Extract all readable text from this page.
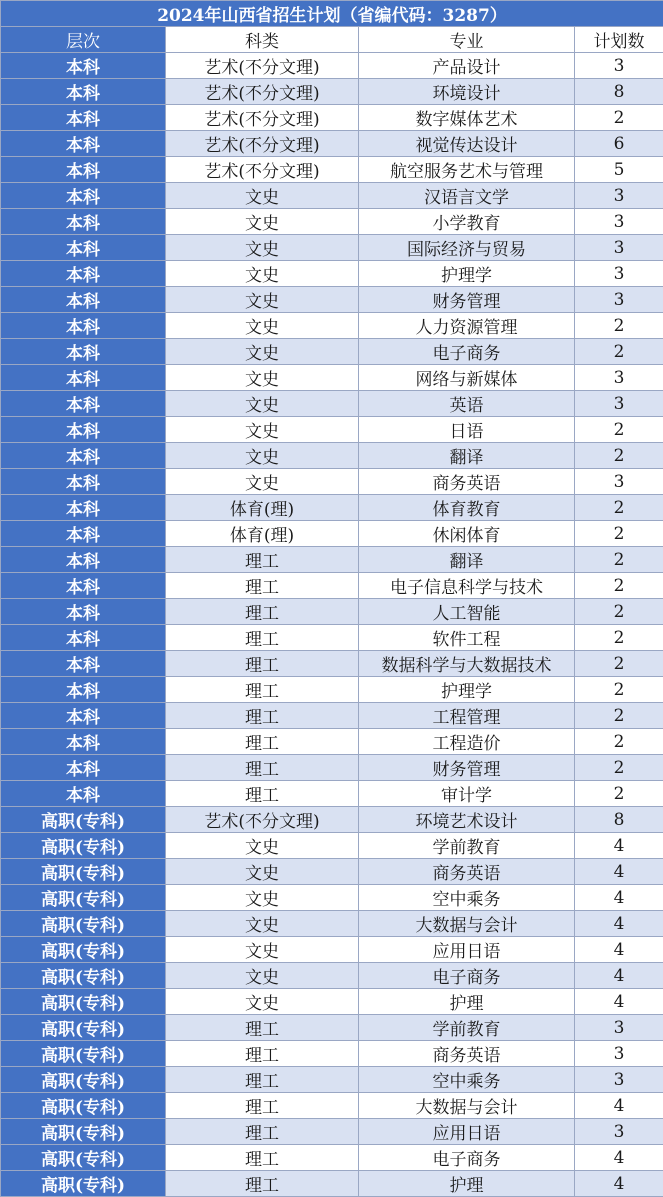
2024年山西省招生计划（省编代码：3287）			
层次	科类	专业	计划数
本科	艺术(不分文理)	产品设计	3
本科	艺术(不分文理)	环境设计	8
本科	艺术(不分文理)	数字媒体艺术	2
本科	艺术(不分文理)	视觉传达设计	6
本科	艺术(不分文理)	航空服务艺术与管理	5
本科	文史	汉语言文学	3
本科	文史	小学教育	3
本科	文史	国际经济与贸易	3
本科	文史	护理学	3
本科	文史	财务管理	3
本科	文史	人力资源管理	2
本科	文史	电子商务	2
本科	文史	网络与新媒体	3
本科	文史	英语	3
本科	文史	日语	2
本科	文史	翻译	2
本科	文史	商务英语	3
本科	体育(理)	体育教育	2
本科	体育(理)	休闲体育	2
本科	理工	翻译	2
本科	理工	电子信息科学与技术	2
本科	理工	人工智能	2
本科	理工	软件工程	2
本科	理工	数据科学与大数据技术	2
本科	理工	护理学	2
本科	理工	工程管理	2
本科	理工	工程造价	2
本科	理工	财务管理	2
本科	理工	审计学	2
高职(专科)	艺术(不分文理)	环境艺术设计	8
高职(专科)	文史	学前教育	4
高职(专科)	文史	商务英语	4
高职(专科)	文史	空中乘务	4
高职(专科)	文史	大数据与会计	4
高职(专科)	文史	应用日语	4
高职(专科)	文史	电子商务	4
高职(专科)	文史	护理	4
高职(专科)	理工	学前教育	3
高职(专科)	理工	商务英语	3
高职(专科)	理工	空中乘务	3
高职(专科)	理工	大数据与会计	4
高职(专科)	理工	应用日语	3
高职(专科)	理工	电子商务	4
高职(专科)	理工	护理	4
